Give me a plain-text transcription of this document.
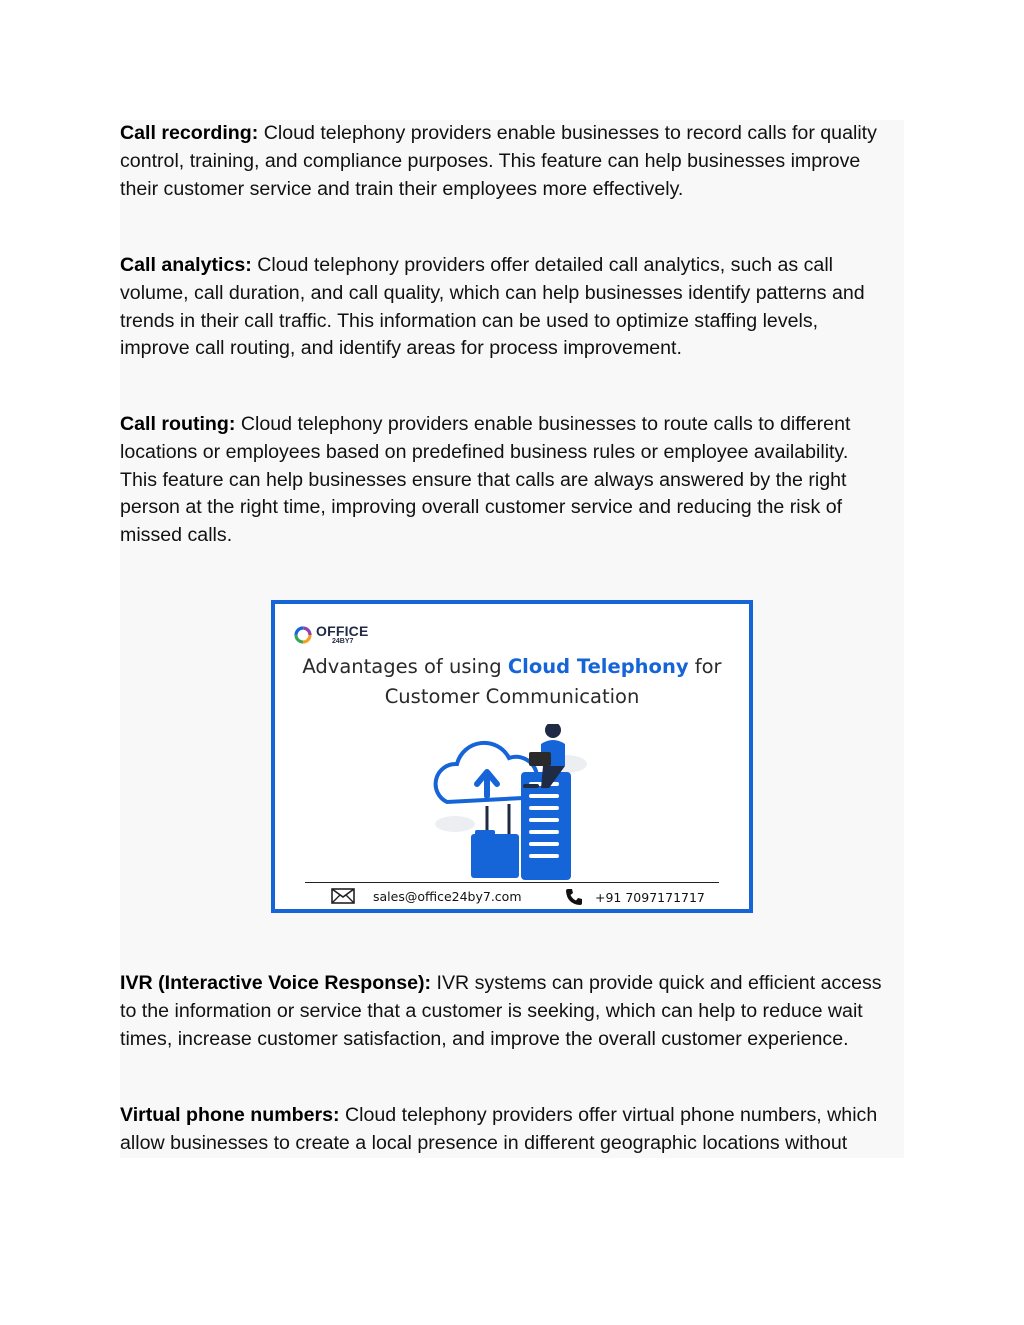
Call recording: Cloud telephony providers enable businesses to record calls for quality control, training, and compliance purposes. This feature can help businesses improve their customer service and train their employees more effectively.

Call analytics: Cloud telephony providers offer detailed call analytics, such as call volume, call duration, and call quality, which can help businesses identify patterns and trends in their call traffic. This information can be used to optimize staffing levels, improve call routing, and identify areas for process improvement.

Call routing: Cloud telephony providers enable businesses to route calls to different locations or employees based on predefined business rules or employee availability. This feature can help businesses ensure that calls are always answered by the right person at the right time, improving overall customer service and reducing the risk of missed calls.

OFFICE
24BY7
Advantages of using Cloud Telephony for
Customer Communication
sales@office24by7.com	+91 7097171717

IVR (Interactive Voice Response): IVR systems can provide quick and efficient access to the information or service that a customer is seeking, which can help to reduce wait times, increase customer satisfaction, and improve the overall customer experience.

Virtual phone numbers: Cloud telephony providers offer virtual phone numbers, which allow businesses to create a local presence in different geographic locations without
